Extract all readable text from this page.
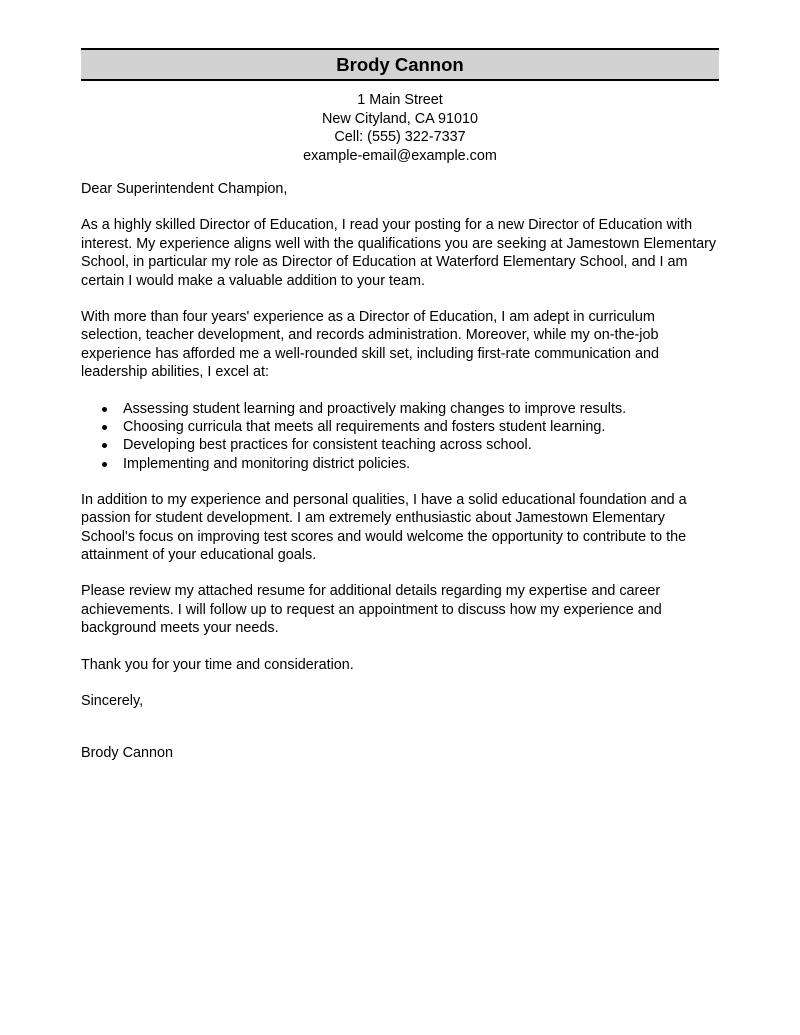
Brody Cannon
1 Main Street
New Cityland, CA 91010
Cell: (555) 322-7337
example-email@example.com

Dear Superintendent Champion,

As a highly skilled Director of Education, I read your posting for a new Director of Education with interest. My experience aligns well with the qualifications you are seeking at Jamestown Elementary School, in particular my role as Director of Education at Waterford Elementary School, and I am certain I would make a valuable addition to your team.

With more than four years' experience as a Director of Education, I am adept in curriculum selection, teacher development, and records administration. Moreover, while my on-the-job experience has afforded me a well-rounded skill set, including first-rate communication and leadership abilities, I excel at:

Assessing student learning and proactively making changes to improve results.
Choosing curricula that meets all requirements and fosters student learning.
Developing best practices for consistent teaching across school.
Implementing and monitoring district policies.

In addition to my experience and personal qualities, I have a solid educational foundation and a passion for student development. I am extremely enthusiastic about Jamestown Elementary School's focus on improving test scores and would welcome the opportunity to contribute to the attainment of your educational goals.

Please review my attached resume for additional details regarding my expertise and career achievements. I will follow up to request an appointment to discuss how my experience and background meets your needs.

Thank you for your time and consideration.

Sincerely,

Brody Cannon
